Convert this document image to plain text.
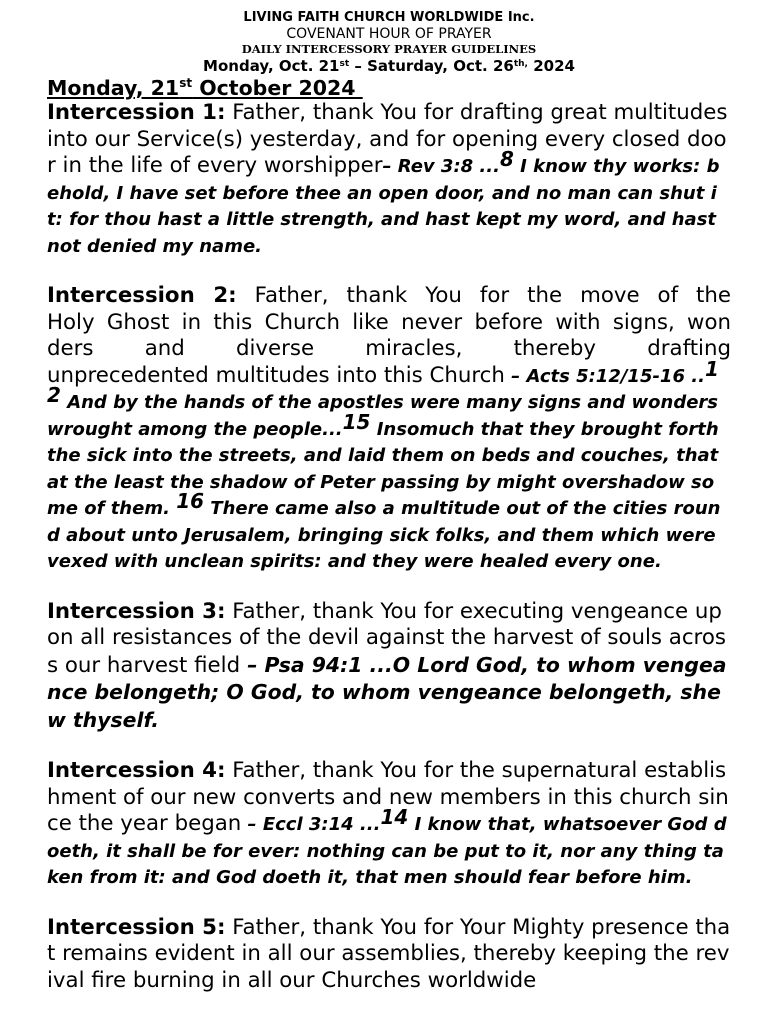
LIVING FAITH CHURCH WORLDWIDE Inc.
COVENANT HOUR OF PRAYER
DAILY INTERCESSORY PRAYER GUIDELINES
Monday, Oct. 21st – Saturday, Oct. $26^{th,}$ 2024
Monday, 21st October 2024
Intercession 1: Father, thank You for drafting great multitudes into our Service(s) yesterday, and for opening every closed door in the life of every worshipper– Rev 3:8 ...8 I know thy works: behold, I have set before thee an open door, and no man can shut it: for thou hast a little strength, and hast kept my word, and hast not denied my name.
Intercession 2: Father, thank You for the move of the
Holy Ghost in this Church like never before with signs, won
ders and diverse miracles, thereby drafting
unprecedented multitudes into this Church – Acts 5:12/15-16 ..12 And by the hands of the apostles were many signs and wonders wrought among the people...15 Insomuch that they brought forth the sick into the streets, and laid them on beds and couches, that at the least the shadow of Peter passing by might overshadow some of them. 16 There came also a multitude out of the cities round about unto Jerusalem, bringing sick folks, and them which were vexed with unclean spirits: and they were healed every one.
Intercession 3: Father, thank You for executing vengeance upon all resistances of the devil against the harvest of souls across our harvest field – Psa 94:1 ...O Lord God, to whom vengeance belongeth; O God, to whom vengeance belongeth, shew thyself.
Intercession 4: Father, thank You for the supernatural establishment of our new converts and new members in this church since the year began – Eccl 3:14 ...14 I know that, whatsoever God doeth, it shall be for ever: nothing can be put to it, nor any thing taken from it: and God doeth it, that men should fear before him.
Intercession 5: Father, thank You for Your Mighty presence that remains evident in all our assemblies, thereby keeping the revival fire burning in all our Churches worldwide
